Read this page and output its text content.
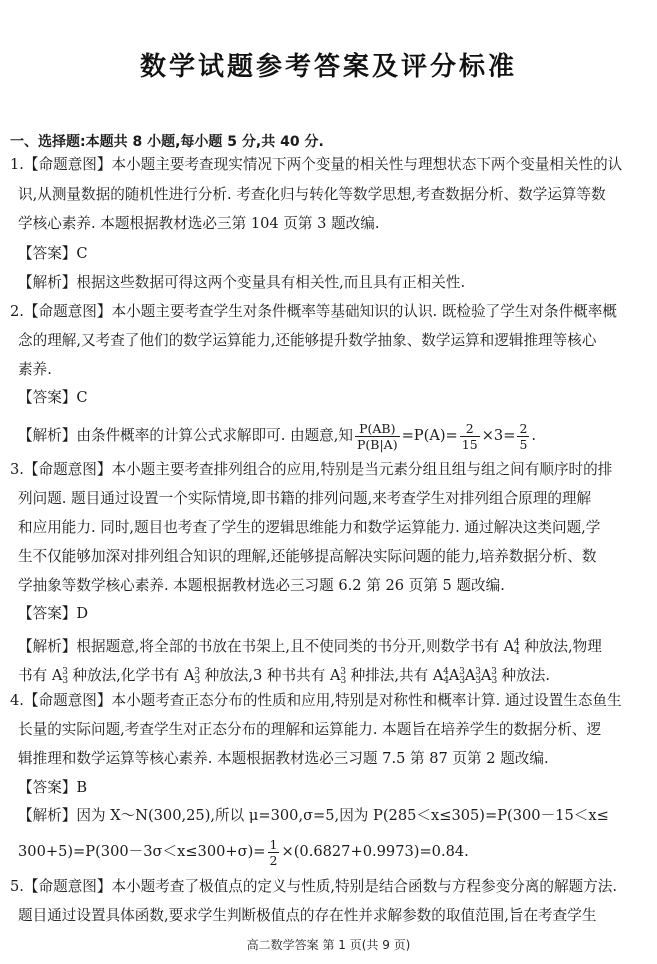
数学试题参考答案及评分标准
一、选择题:本题共 8 小题,每小题 5 分,共 40 分.
1.【命题意图】本小题主要考查现实情况下两个变量的相关性与理想状态下两个变量相关性的认
识,从测量数据的随机性进行分析. 考查化归与转化等数学思想,考查数据分析、数学运算等数
学核心素养. 本题根据教材选必三第 104 页第 3 题改编.
【答案】C
【解析】根据这些数据可得这两个变量具有相关性,而且具有正相关性.
2.【命题意图】本小题主要考查学生对条件概率等基础知识的认识. 既检验了学生对条件概率概
念的理解,又考查了他们的数学运算能力,还能够提升数学抽象、数学运算和逻辑推理等核心
素养.
【答案】C
【解析】由条件概率的计算公式求解即可. 由题意,知 $\frac{P(AB)}{P(B|A)} =P(A)= \frac{2}{15} \times 3= \frac{2}{5}$ .
3.【命题意图】本小题主要考查排列组合的应用,特别是当元素分组且组与组之间有顺序时的排
列问题. 题目通过设置一个实际情境,即书籍的排列问题,来考查学生对排列组合原理的理解
和应用能力. 同时,题目也考查了学生的逻辑思维能力和数学运算能力. 通过解决这类问题,学
生不仅能够加深对排列组合知识的理解,还能够提高解决实际问题的能力,培养数据分析、数
学抽象等数学核心素养. 本题根据教材选必三习题 6.2 第 26 页第 5 题改编.
【答案】D
【解析】根据题意,将全部的书放在书架上,且不使同类的书分开,则数学书有 $A_4^4$ 种放法,物理
书有 $A_3^3$ 种放法,化学书有 $A_3^3$ 种放法,3 种书共有 $A_3^3$ 种排法,共有 $A_4^4A_3^3A_3^3A_3^3$ 种放法.
4.【命题意图】本小题考查正态分布的性质和应用,特别是对称性和概率计算. 通过设置生态鱼生
长量的实际问题,考查学生对正态分布的理解和运算能力. 本题旨在培养学生的数据分析、逻
辑推理和数学运算等核心素养. 本题根据教材选必三习题 7.5 第 87 页第 2 题改编.
【答案】B
【解析】因为 X～N(300,25),所以 μ=300,σ=5,因为 P(285＜x≤305)=P(300－15＜x≤
$300+5)=P(300-3\sigma<x\le 300+\sigma)= \frac{1}{2} \times(0.6827+0.9973)=0.84$.
5.【命题意图】本小题考查了极值点的定义与性质,特别是结合函数与方程参变分离的解题方法.
题目通过设置具体函数,要求学生判断极值点的存在性并求解参数的取值范围,旨在考查学生
高二数学答案 第 1 页(共 9 页)
